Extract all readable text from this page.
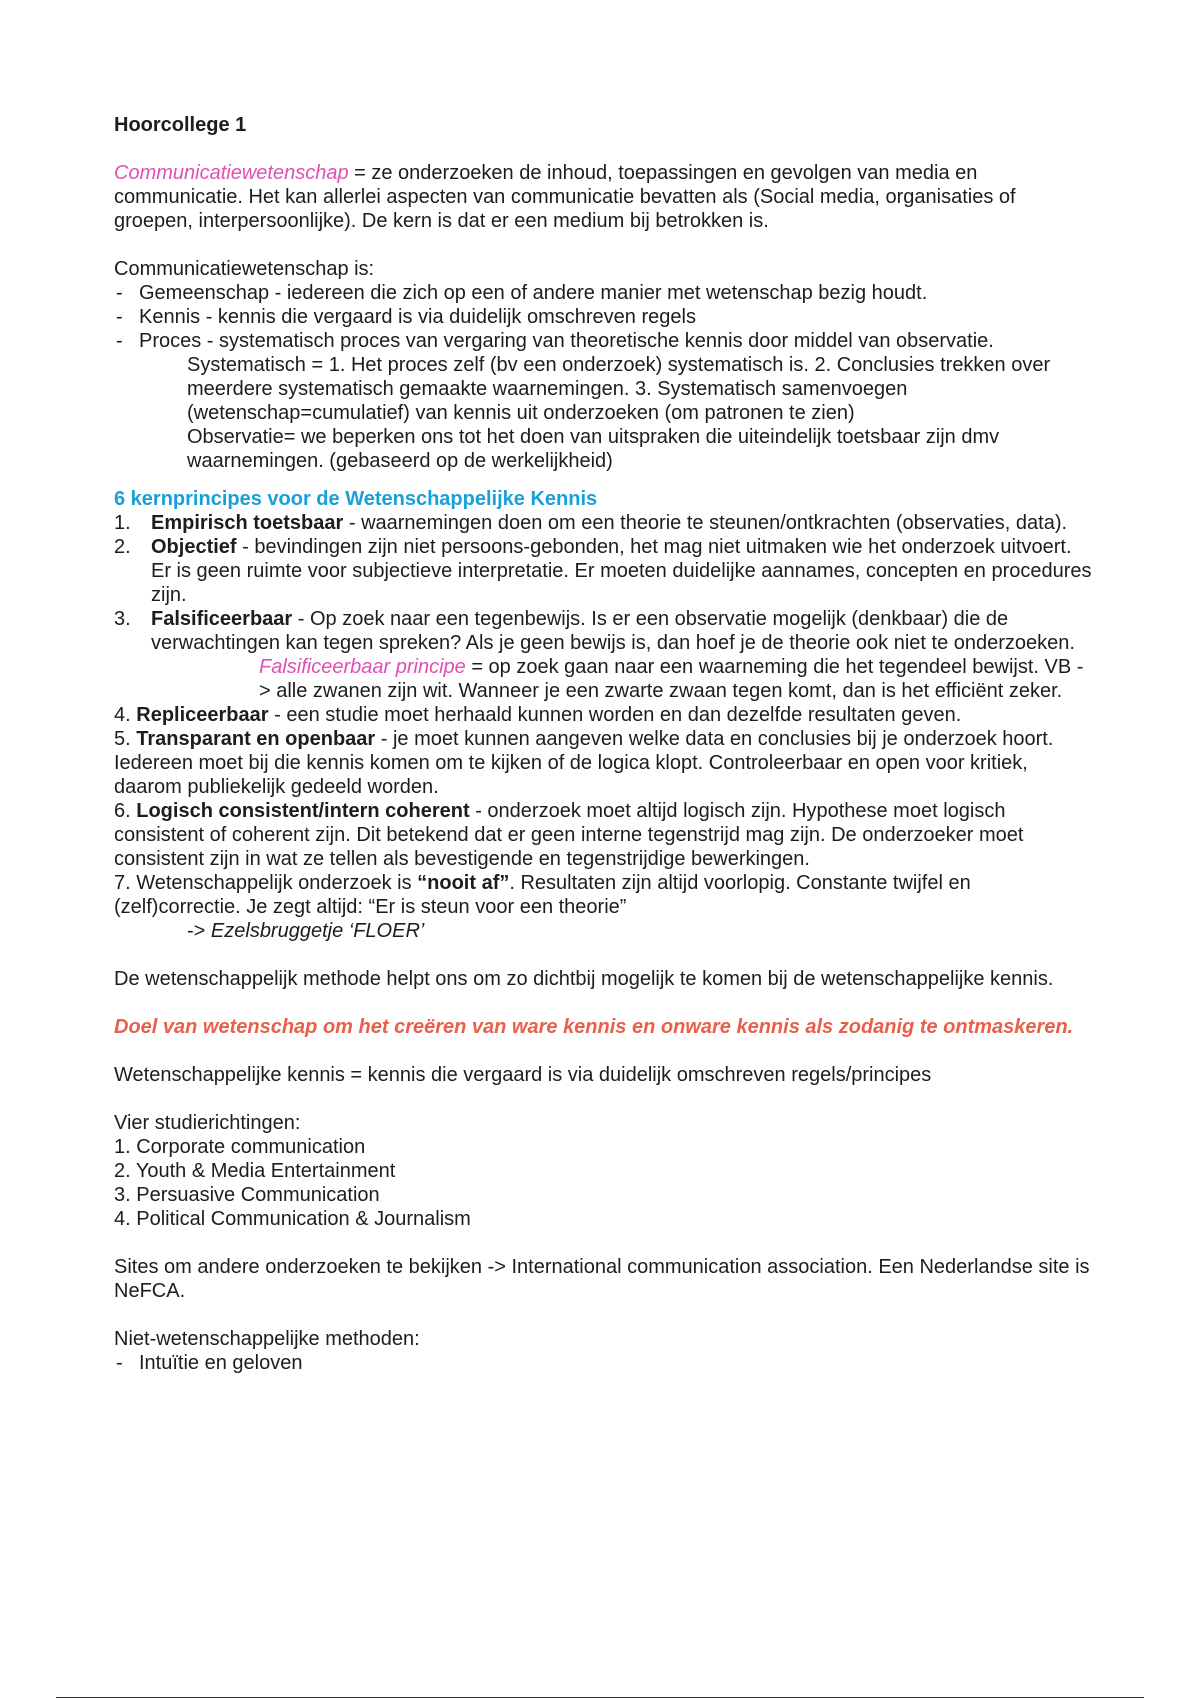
Hoorcollege 1

Communicatiewetenschap = ze onderzoeken de inhoud, toepassingen en gevolgen van media en communicatie. Het kan allerlei aspecten van communicatie bevatten als (Social media, organisaties of groepen, interpersoonlijke). De kern is dat er een medium bij betrokken is.

Communicatiewetenschap is:

- Gemeenschap - iedereen die zich op een of andere manier met wetenschap bezig houdt.

- Kennis - kennis die vergaard is via duidelijk omschreven regels

- Proces - systematisch proces van vergaring van theoretische kennis door middel van observatie.

Systematisch = 1. Het proces zelf (bv een onderzoek) systematisch is. 2. Conclusies trekken over meerdere systematisch gemaakte waarnemingen. 3. Systematisch samenvoegen (wetenschap=cumulatief) van kennis uit onderzoeken (om patronen te zien)

Observatie= we beperken ons tot het doen van uitspraken die uiteindelijk toetsbaar zijn dmv waarnemingen. (gebaseerd op de werkelijkheid)

6 kernprincipes voor de Wetenschappelijke Kennis

1. Empirisch toetsbaar - waarnemingen doen om een theorie te steunen/ontkrachten (observaties, data).

2. Objectief - bevindingen zijn niet persoons-gebonden, het mag niet uitmaken wie het onderzoek uitvoert. Er is geen ruimte voor subjectieve interpretatie. Er moeten duidelijke aannames, concepten en procedures zijn.

3. Falsificeerbaar - Op zoek naar een tegenbewijs. Is er een observatie mogelijk (denkbaar) die de verwachtingen kan tegen spreken? Als je geen bewijs is, dan hoef je de theorie ook niet te onderzoeken.

Falsificeerbaar principe = op zoek gaan naar een waarneming die het tegendeel bewijst. VB -> alle zwanen zijn wit. Wanneer je een zwarte zwaan tegen komt, dan is het efficiënt zeker.

4. Repliceerbaar - een studie moet herhaald kunnen worden en dan dezelfde resultaten geven.

5. Transparant en openbaar - je moet kunnen aangeven welke data en conclusies bij je onderzoek hoort. Iedereen moet bij die kennis komen om te kijken of de logica klopt. Controleerbaar en open voor kritiek, daarom publiekelijk gedeeld worden.

6. Logisch consistent/intern coherent - onderzoek moet altijd logisch zijn. Hypothese moet logisch consistent of coherent zijn. Dit betekend dat er geen interne tegenstrijd mag zijn. De onderzoeker moet consistent zijn in wat ze tellen als bevestigende en tegenstrijdige bewerkingen.

7. Wetenschappelijk onderzoek is “nooit af”. Resultaten zijn altijd voorlopig. Constante twijfel en (zelf)correctie. Je zegt altijd: “Er is steun voor een theorie”

-> Ezelsbruggetje ‘FLOER’

De wetenschappelijk methode helpt ons om zo dichtbij mogelijk te komen bij de wetenschappelijke kennis.

Doel van wetenschap om het creëren van ware kennis en onware kennis als zodanig te ontmaskeren.

Wetenschappelijke kennis = kennis die vergaard is via duidelijk omschreven regels/principes

Vier studierichtingen:

1. Corporate communication

2. Youth & Media Entertainment

3. Persuasive Communication

4. Political Communication & Journalism

Sites om andere onderzoeken te bekijken -> International communication association. Een Nederlandse site is NeFCA.

Niet-wetenschappelijke methoden:

- Intuïtie en geloven
